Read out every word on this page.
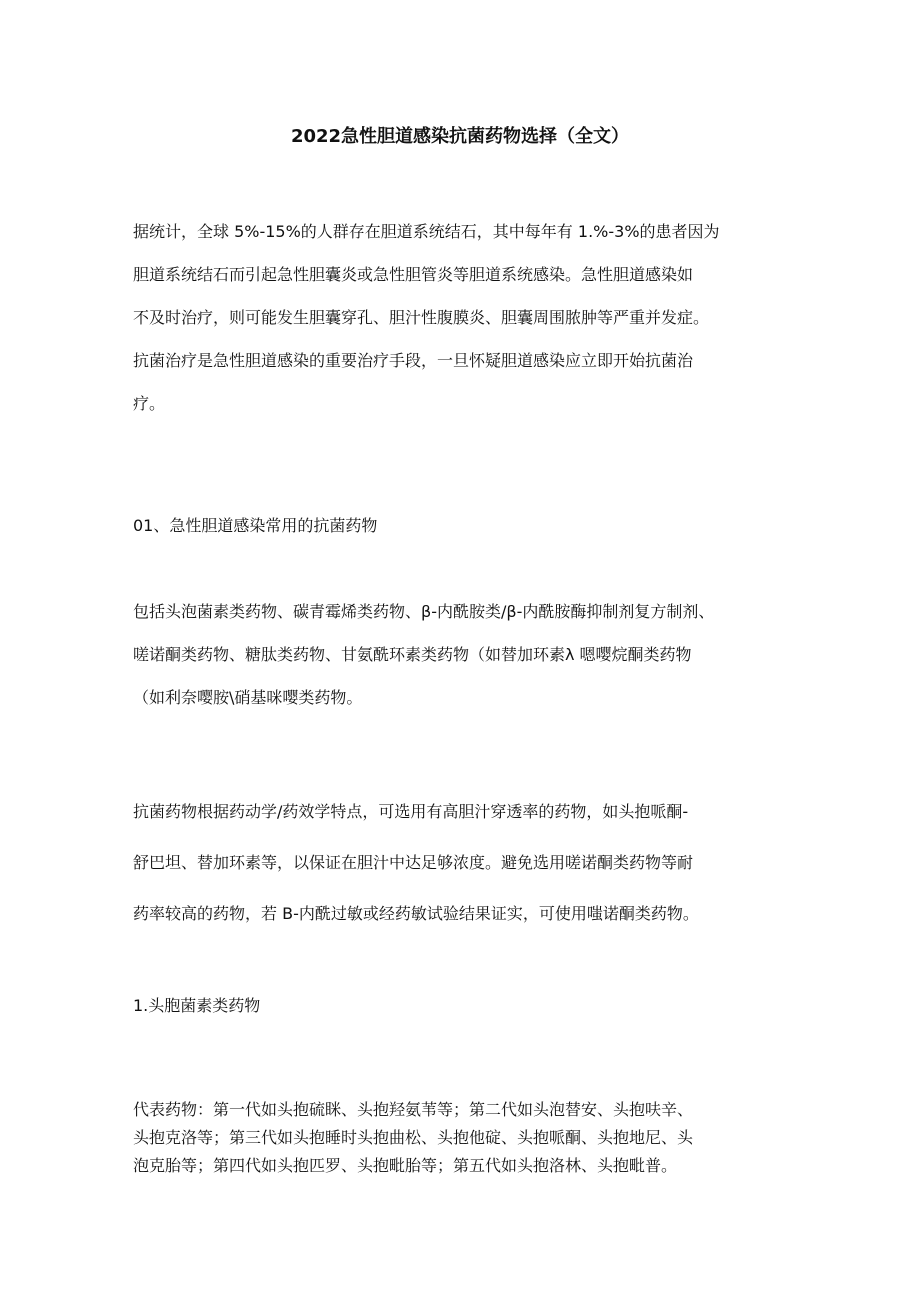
2022急性胆道感染抗菌药物选择（全文）
据统计，全球 5%-15%的人群存在胆道系统结石，其中每年有 1.%-3%的患者因为
胆道系统结石而引起急性胆囊炎或急性胆管炎等胆道系统感染。急性胆道感染如
不及时治疗，则可能发生胆囊穿孔、胆汁性腹膜炎、胆囊周围脓肿等严重并发症。
抗菌治疗是急性胆道感染的重要治疗手段，一旦怀疑胆道感染应立即开始抗菌治
疗。
01、急性胆道感染常用的抗菌药物
包括头泡菌素类药物、碳青霉烯类药物、β-内酰胺类/β-内酰胺酶抑制剂复方制剂、
嗟诺酮类药物、糖肽类药物、甘氨酰环素类药物（如替加环素λ 嗯嘤烷酮类药物
（如利奈嘤胺\硝基咪嘤类药物。
抗菌药物根据药动学/药效学特点，可选用有高胆汁穿透率的药物，如头抱哌酮-
舒巴坦、替加环素等，以保证在胆汁中达足够浓度。避免选用嗟诺酮类药物等耐
药率较高的药物，若 B-内酰过敏或经药敏试验结果证实，可使用嗤诺酮类药物。
1.头胞菌素类药物
代表药物：第一代如头抱硫眯、头抱羟氨苇等；第二代如头泡替安、头抱呋辛、
头抱克洛等；第三代如头抱睡时头抱曲松、头抱他碇、头抱哌酮、头抱地尼、头
泡克胎等；第四代如头抱匹罗、头抱毗胎等；第五代如头抱洛林、头抱毗普。
